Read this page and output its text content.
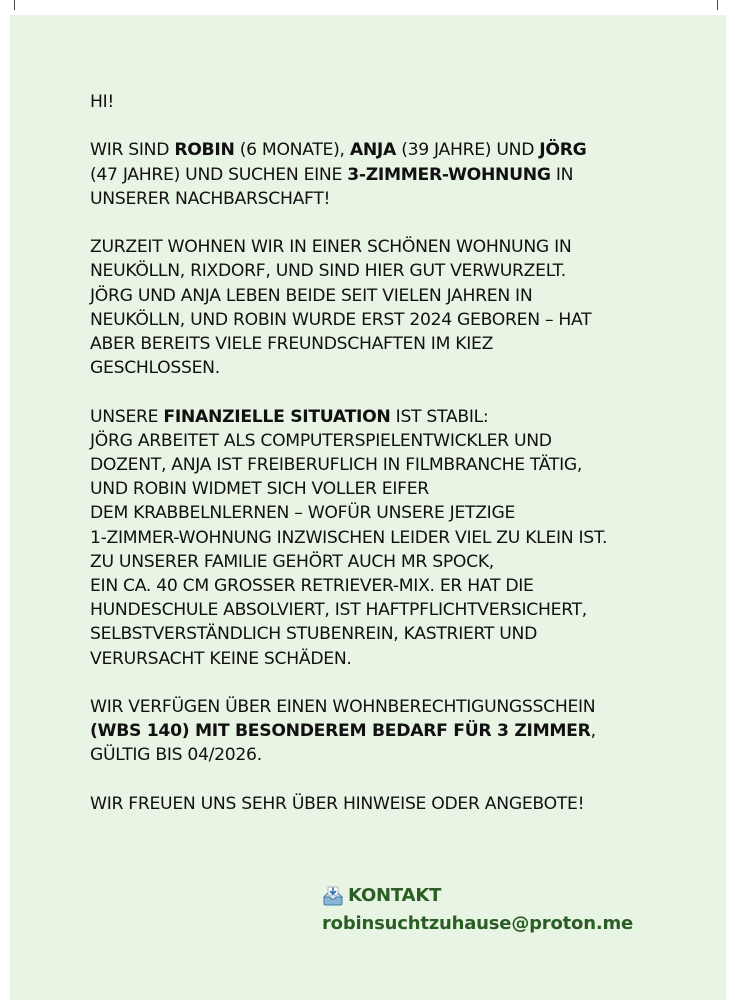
HI!
WIR SIND ROBIN (6 MONATE), ANJA (39 JAHRE) UND JÖRG
(47 JAHRE) UND SUCHEN EINE 3-ZIMMER-WOHNUNG IN
UNSERER NACHBARSCHAFT!
ZURZEIT WOHNEN WIR IN EINER SCHÖNEN WOHNUNG IN
NEUKÖLLN, RIXDORF, UND SIND HIER GUT VERWURZELT.
JÖRG UND ANJA LEBEN BEIDE SEIT VIELEN JAHREN IN
NEUKÖLLN, UND ROBIN WURDE ERST 2024 GEBOREN – HAT
ABER BEREITS VIELE FREUNDSCHAFTEN IM KIEZ
GESCHLOSSEN.
UNSERE FINANZIELLE SITUATION IST STABIL:
JÖRG ARBEITET ALS COMPUTERSPIELENTWICKLER UND
DOZENT, ANJA IST FREIBERUFLICH IN FILMBRANCHE TÄTIG,
UND ROBIN WIDMET SICH VOLLER EIFER
DEM KRABBELNLERNEN – WOFÜR UNSERE JETZIGE
1-ZIMMER-WOHNUNG INZWISCHEN LEIDER VIEL ZU KLEIN IST.
ZU UNSERER FAMILIE GEHÖRT AUCH MR SPOCK,
EIN CA. 40 CM GROSSER RETRIEVER-MIX. ER HAT DIE
HUNDESCHULE ABSOLVIERT, IST HAFTPFLICHTVERSICHERT,
SELBSTVERSTÄNDLICH STUBENREIN, KASTRIERT UND
VERURSACHT KEINE SCHÄDEN.
WIR VERFÜGEN ÜBER EINEN WOHNBERECHTIGUNGSSCHEIN
(WBS 140) MIT BESONDEREM BEDARF FÜR 3 ZIMMER,
GÜLTIG BIS 04/2026.
WIR FREUEN UNS SEHR ÜBER HINWEISE ODER ANGEBOTE!
KONTAKT
robinsuchtzuhause@proton.me
